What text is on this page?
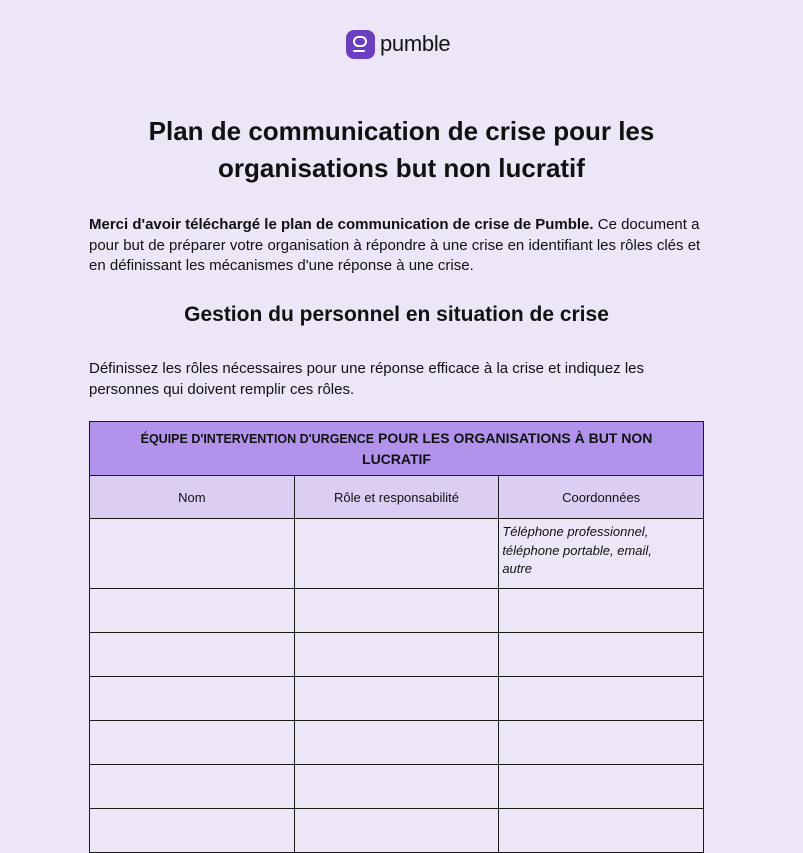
pumble
Plan de communication de crise pour les organisations but non lucratif

Merci d'avoir téléchargé le plan de communication de crise de Pumble. Ce document a pour but de préparer votre organisation à répondre à une crise en identifiant les rôles clés et en définissant les mécanismes d'une réponse à une crise.

Gestion du personnel en situation de crise

Définissez les rôles nécessaires pour une réponse efficace à la crise et indiquez les personnes qui doivent remplir ces rôles.

ÉQUIPE D'INTERVENTION D'URGENCE POUR LES ORGANISATIONS À BUT NON LUCRATIF		
Nom	Rôle et responsabilité	Coordonnées
		Téléphone professionnel, téléphone portable, email, autre
